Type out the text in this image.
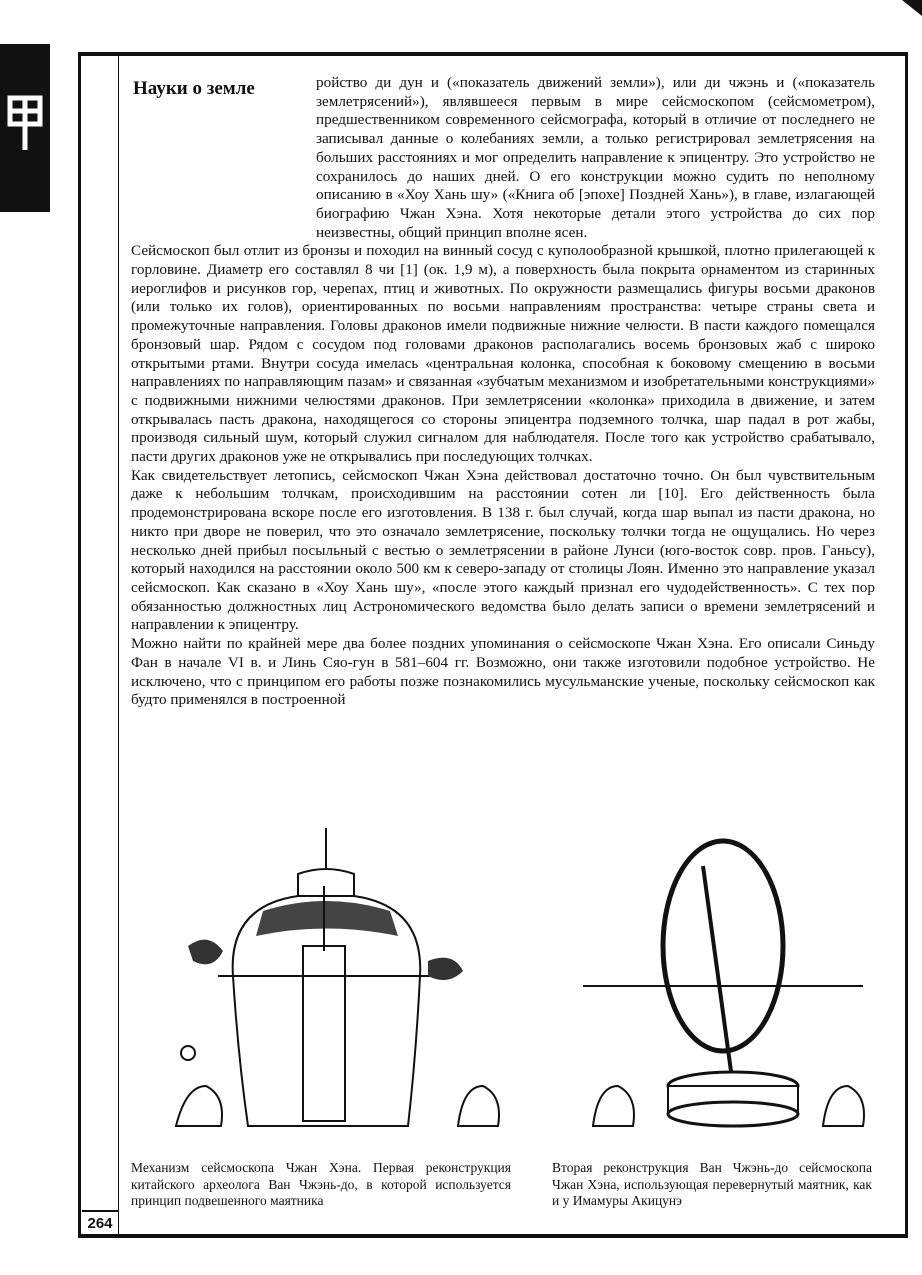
Науки о земле	ройство ди дун и («показатель движений земли»), или ди чжэнь и («показатель землетрясений»), являвшееся первым в мире сейсмоскопом (сейсмометром), предшественником современного сейсмографа, который в отличие от последнего не записывал данные о колебаниях земли, а только регистрировал землетрясения на больших расстояниях и мог определить направление к эпицентру. Это устройство не сохранилось до наших дней. О его конструкции можно судить по неполному описанию в «Хоу Хань шу» («Книга об [эпохе] Поздней Хань»), в главе, излагающей биографию Чжан Хэна. Хотя некоторые детали этого устройства до сих пор неизвестны, общий принцип вполне ясен.

Сейсмоскоп был отлит из бронзы и походил на винный сосуд с куполообразной крышкой, плотно прилегающей к горловине. Диаметр его составлял 8 чи [1] (ок. 1,9 м), а поверхность была покрыта орнаментом из старинных иероглифов и рисунков гор, черепах, птиц и животных. По окружности размещались фигуры восьми драконов (или только их голов), ориентированных по восьми направлениям пространства: четыре страны света и промежуточные направления. Головы драконов имели подвижные нижние челюсти. В пасти каждого помещался бронзовый шар. Рядом с сосудом под головами драконов располагались восемь бронзовых жаб с широко открытыми ртами. Внутри сосуда имелась «центральная колонка, способная к боковому смещению в восьми направлениях по направляющим пазам» и связанная «зубчатым механизмом и изобретательными конструкциями» с подвижными нижними челюстями драконов. При землетрясении «колонка» приходила в движение, и затем открывалась пасть дракона, находящегося со стороны эпицентра подземного толчка, шар падал в рот жабы, производя сильный шум, который служил сигналом для наблюдателя. После того как устройство срабатывало, пасти других драконов уже не открывались при последующих толчках.

Как свидетельствует летопись, сейсмоскоп Чжан Хэна действовал достаточно точно. Он был чувствительным даже к небольшим толчкам, происходившим на расстоянии сотен ли [10]. Его действенность была продемонстрирована вскоре после его изготовления. В 138 г. был случай, когда шар выпал из пасти дракона, но никто при дворе не поверил, что это означало землетрясение, поскольку толчки тогда не ощущались. Но через несколько дней прибыл посыльный с вестью о землетрясении в районе Лунси (юго-восток совр. пров. Ганьсу), который находился на расстоянии около 500 км к северо-западу от столицы Лоян. Именно это направление указал сейсмоскоп. Как сказано в «Хоу Хань шу», «после этого каждый признал его чудодейственность». С тех пор обязанностью должностных лиц Астрономического ведомства было делать записи о времени землетрясений и направлении к эпицентру.

Можно найти по крайней мере два более поздних упоминания о сейсмоскопе Чжан Хэна. Его описали Синьду Фан в начале VI в. и Линь Сяо-гун в 581–604 гг. Возможно, они также изготовили подобное устройство. Не исключено, что с принципом его работы позже познакомились мусульманские ученые, поскольку сейсмоскоп как будто применялся в построенной

Механизм сейсмоскопа Чжан Хэна. Первая реконструкция китайского археолога Ван Чжэнь-до, в которой используется принцип подвешенного маятника
Вторая реконструкция Ван Чжэнь-до сейсмоскопа Чжан Хэна, использующая перевернутый маятник, как и у Имамуры Акицунэ
264
